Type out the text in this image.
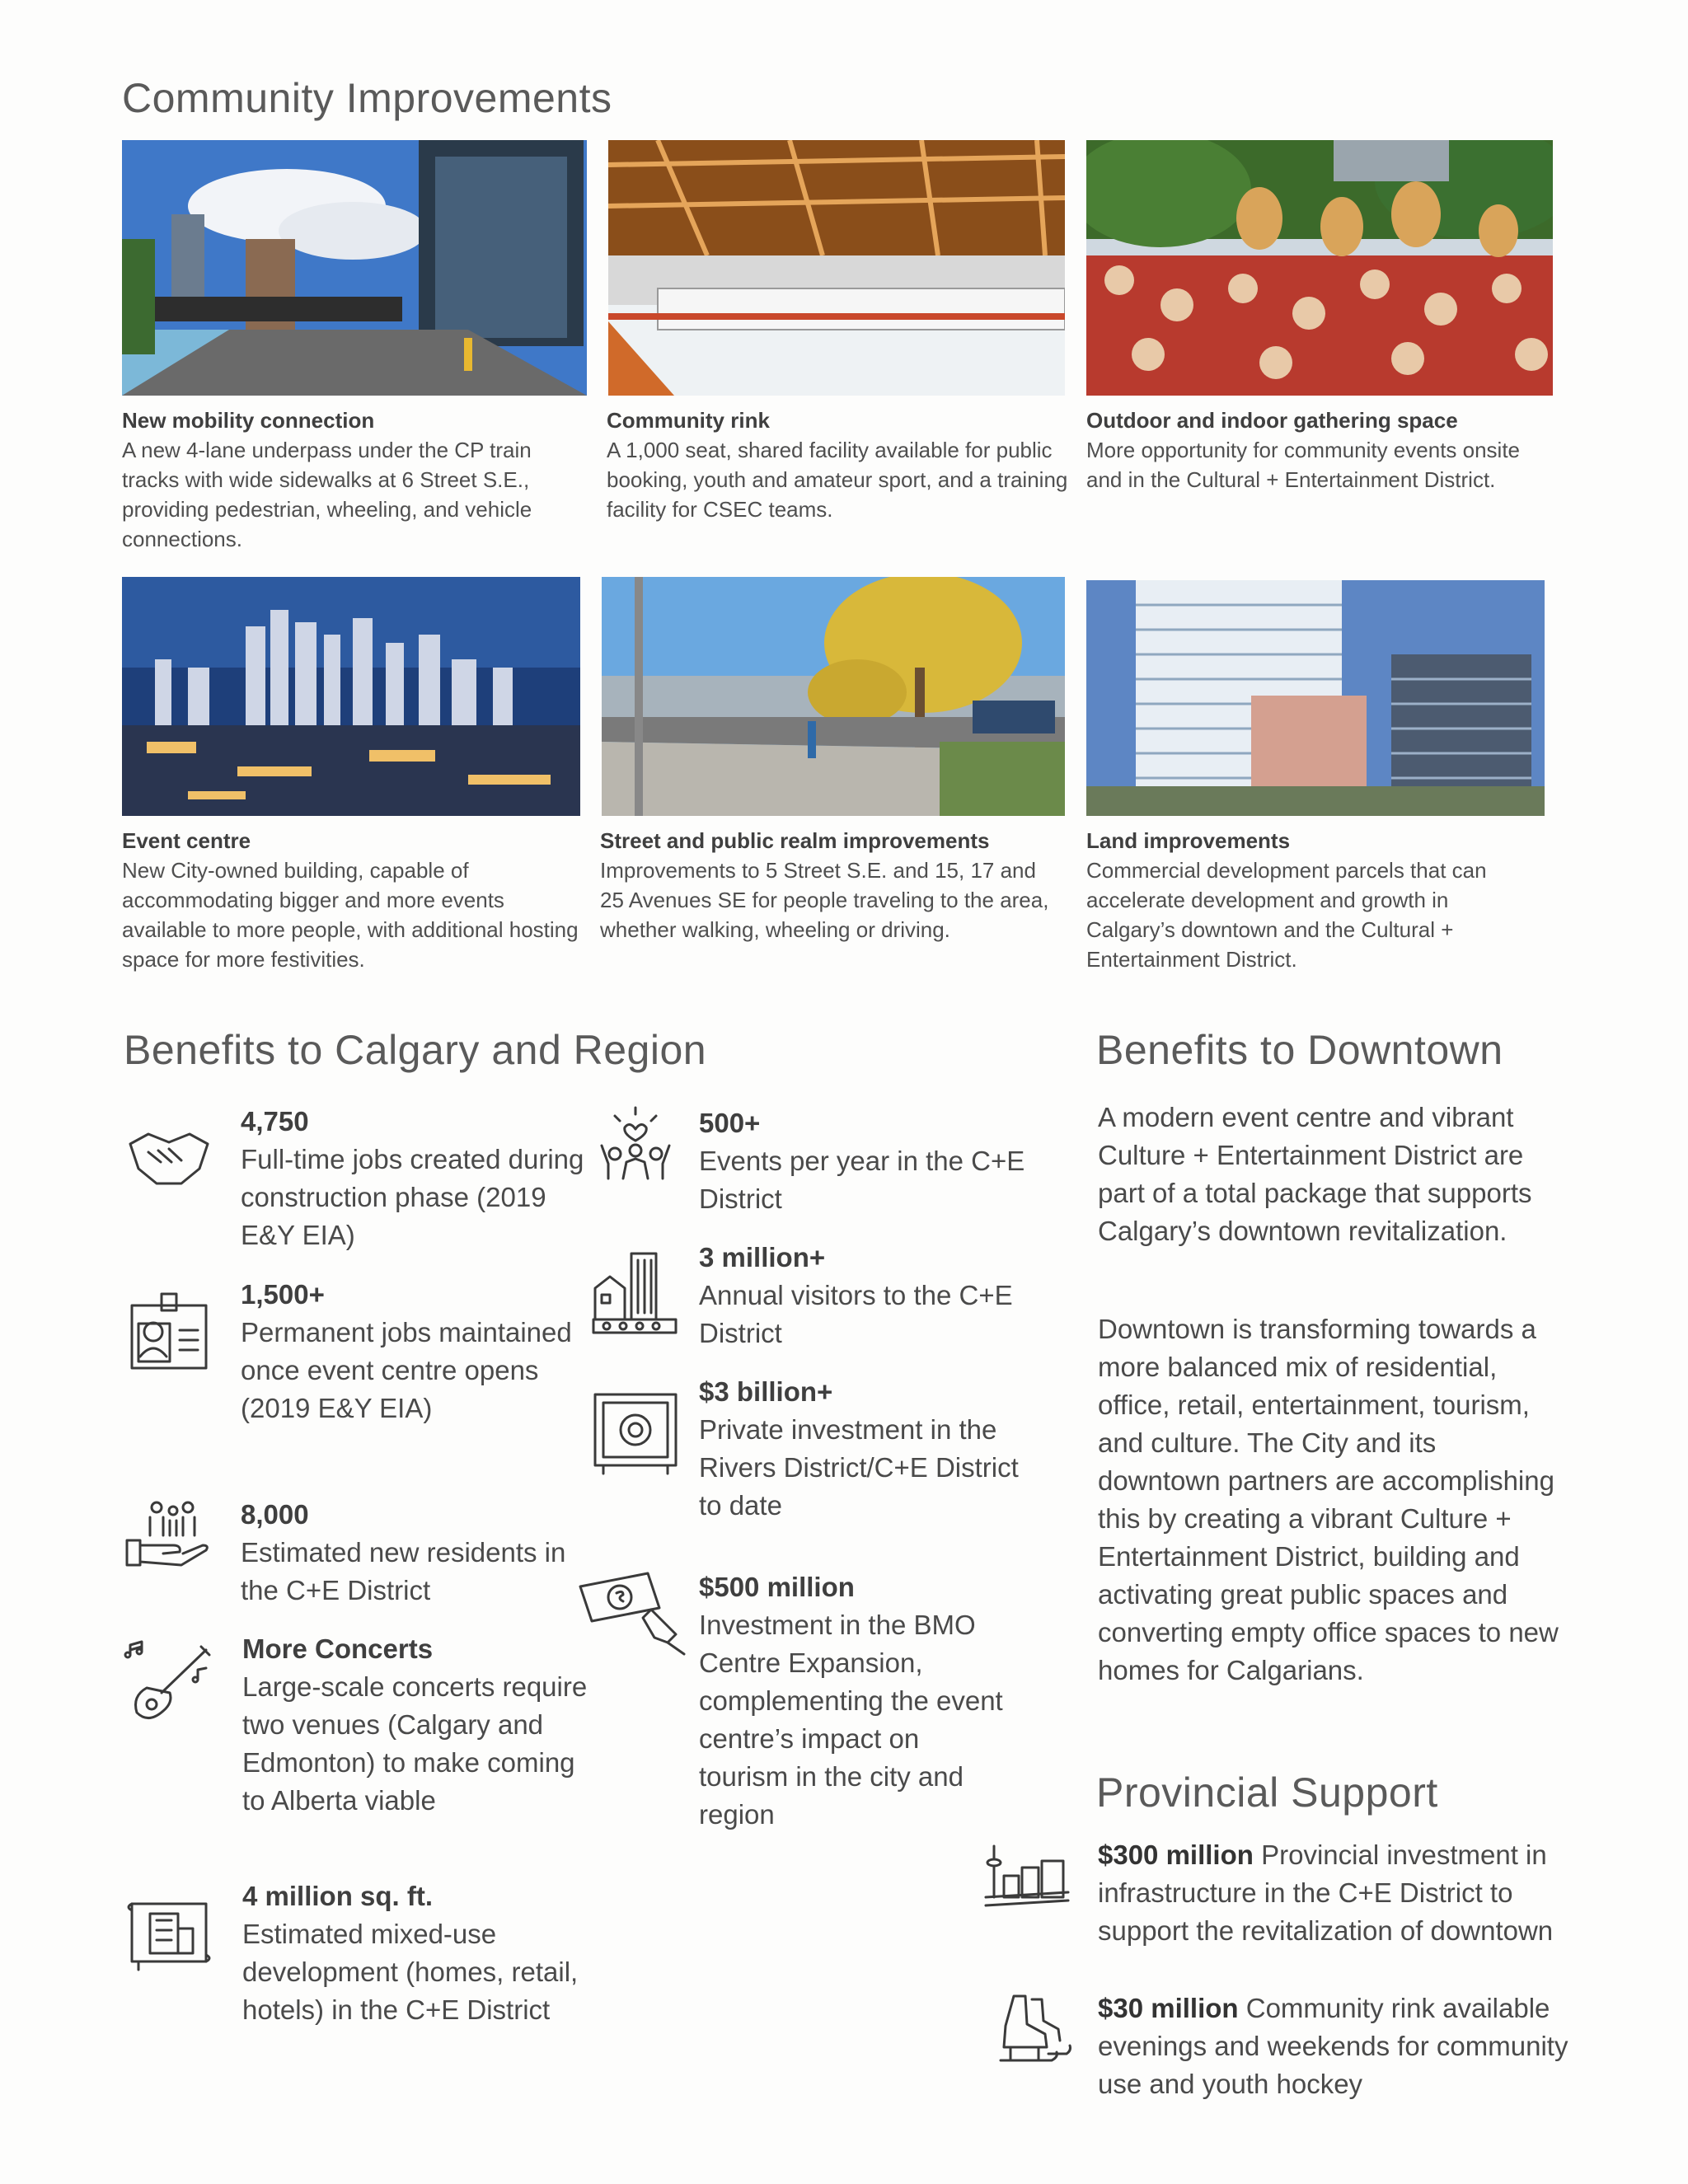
Community Improvements
New mobility connection
A new 4-lane underpass under the CP train tracks with wide sidewalks at 6 Street S.E., providing pedestrian, wheeling, and vehicle connections.
Community rink
A 1,000 seat, shared facility available for public booking, youth and amateur sport, and a training facility for CSEC teams.
Outdoor and indoor gathering space
More opportunity for community events onsite and in the Cultural + Entertainment District.
Event centre
New City-owned building, capable of accommodating bigger and more events available to more people, with additional hosting space for more festivities.
Street and public realm improvements
Improvements to 5 Street S.E. and 15, 17 and 25 Avenues SE for people traveling to the area, whether walking, wheeling or driving.
Land improvements
Commercial development parcels that can accelerate development and growth in Calgary’s downtown and the Cultural + Entertainment District.
Benefits to Calgary and Region
4,750
Full-time jobs created during construction phase (2019 E&Y EIA)
1,500+
Permanent jobs maintained once event centre opens (2019 E&Y EIA)
8,000
Estimated new residents in the C+E District
More Concerts
Large-scale concerts require two venues (Calgary and Edmonton) to make coming to Alberta viable
4 million sq. ft.
Estimated mixed-use development (homes, retail, hotels) in the C+E District
500+
Events per year in the C+E District
3 million+
Annual visitors to the C+E District
$3 billion+
Private investment in the Rivers District/C+E District to date
$500 million
Investment in the BMO Centre Expansion, complementing the event centre’s impact on tourism in the city and region
Benefits to Downtown

A modern event centre and vibrant Culture + Entertainment District are part of a total package that supports Calgary’s downtown revitalization.

Downtown is transforming towards a more balanced mix of residential, office, retail, entertainment, tourism, and culture. The City and its downtown partners are accomplishing this by creating a vibrant Culture + Entertainment District, building and activating great public spaces and converting empty office spaces to new homes for Calgarians.

Provincial Support
$300 million Provincial investment in infrastructure in the C+E District to support the revitalization of downtown
$30 million Community rink available evenings and weekends for community use and youth hockey
